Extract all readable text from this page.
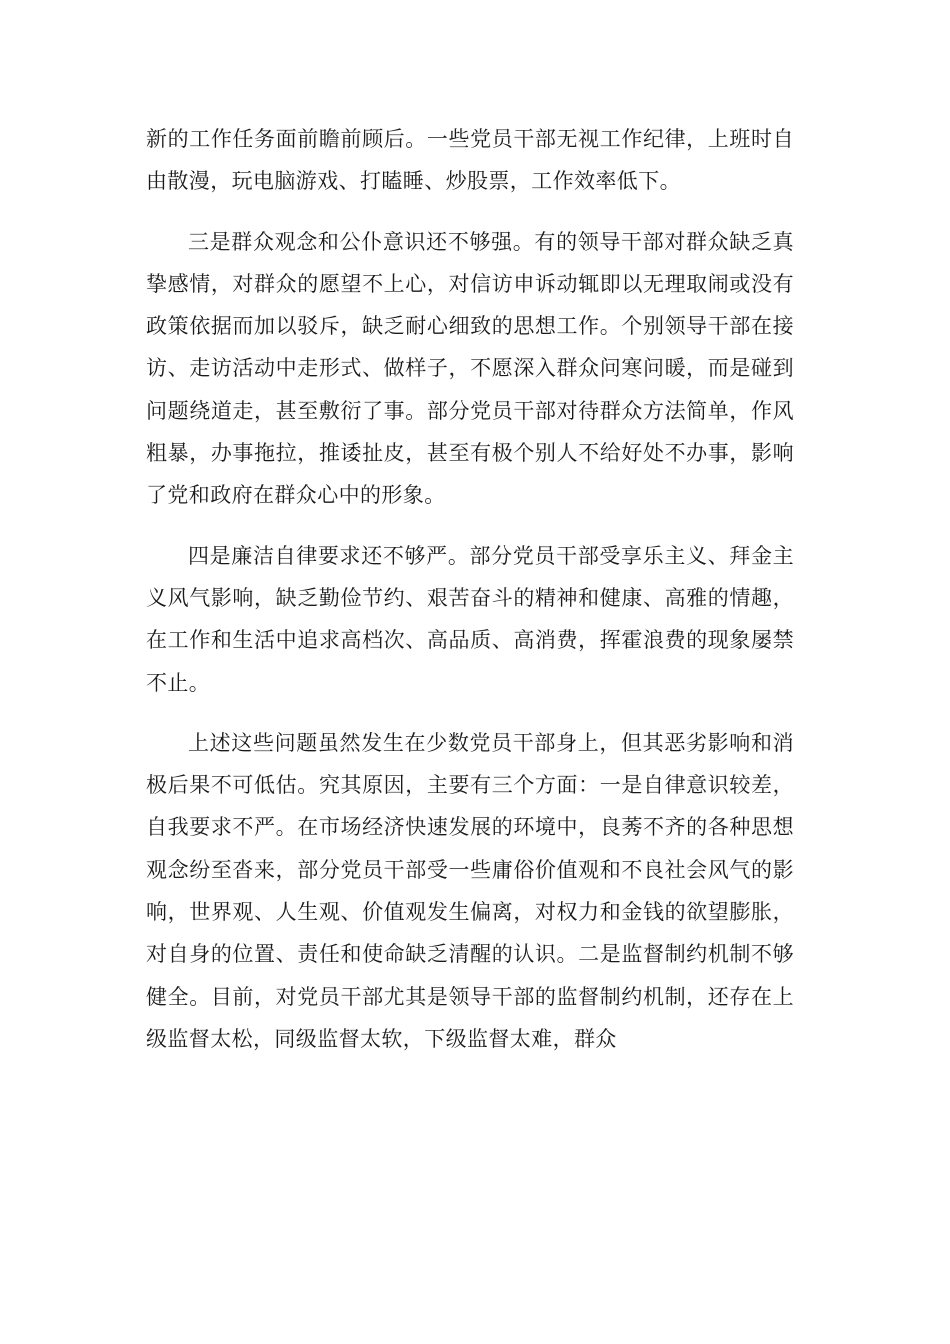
新的工作任务面前瞻前顾后。一些党员干部无视工作纪律，上班时自由散漫，玩电脑游戏、打瞌睡、炒股票，工作效率低下。

三是群众观念和公仆意识还不够强。有的领导干部对群众缺乏真挚感情，对群众的愿望不上心，对信访申诉动辄即以无理取闹或没有政策依据而加以驳斥，缺乏耐心细致的思想工作。个别领导干部在接访、走访活动中走形式、做样子，不愿深入群众问寒问暖，而是碰到问题绕道走，甚至敷衍了事。部分党员干部对待群众方法简单，作风粗暴，办事拖拉，推诿扯皮，甚至有极个别人不给好处不办事，影响了党和政府在群众心中的形象。

四是廉洁自律要求还不够严。部分党员干部受享乐主义、拜金主义风气影响，缺乏勤俭节约、艰苦奋斗的精神和健康、高雅的情趣，在工作和生活中追求高档次、高品质、高消费，挥霍浪费的现象屡禁不止。

上述这些问题虽然发生在少数党员干部身上，但其恶劣影响和消极后果不可低估。究其原因，主要有三个方面：一是自律意识较差，自我要求不严。在市场经济快速发展的环境中，良莠不齐的各种思想观念纷至沓来，部分党员干部受一些庸俗价值观和不良社会风气的影响，世界观、人生观、价值观发生偏离，对权力和金钱的欲望膨胀，对自身的位置、责任和使命缺乏清醒的认识。二是监督制约机制不够健全。目前，对党员干部尤其是领导干部的监督制约机制，还存在上级监督太松，同级监督太软，下级监督太难，群众
